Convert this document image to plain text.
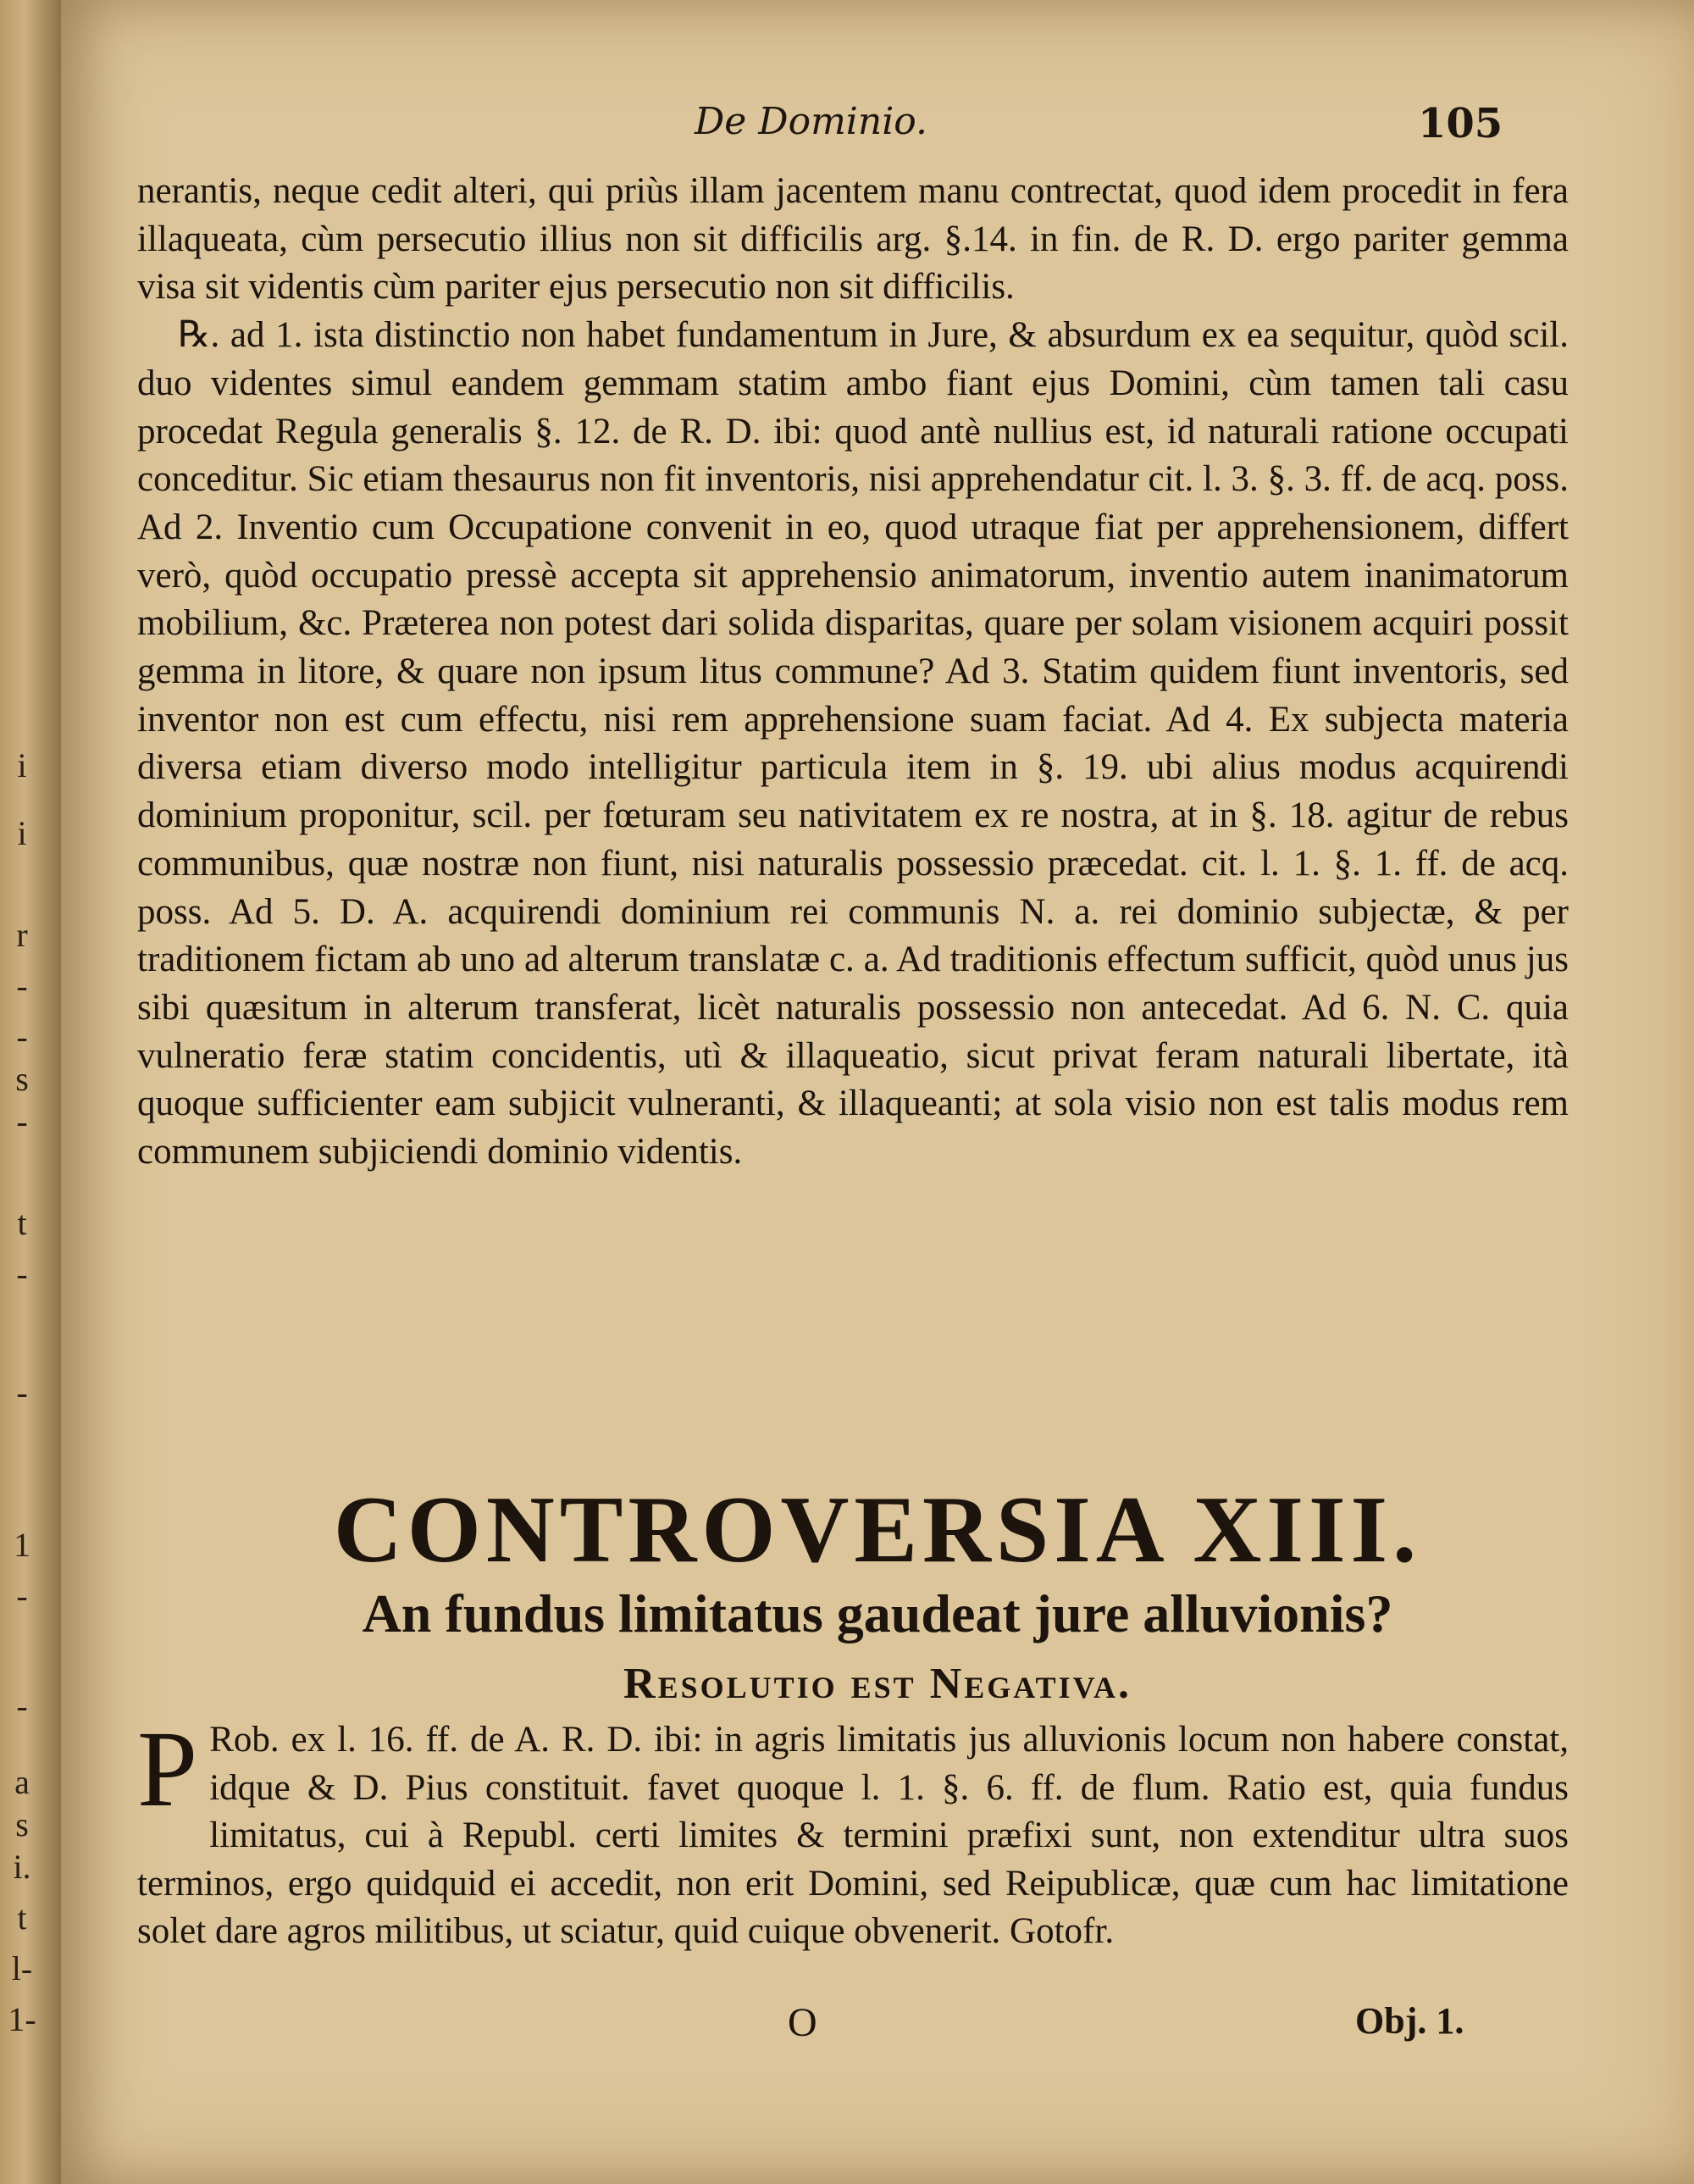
i
i
r
-
-
s
-
t
-
-
1
-
-
a
s
i.
t
l-
1-
De Dominio.	105

nerantis, neque cedit alteri, qui priùs illam jacentem manu contrectat, quod idem procedit in fera illaqueata, cùm persecutio illius non sit difficilis arg. §.14. in fin. de R. D. ergo pariter gemma visa sit videntis cùm pariter ejus persecutio non sit difficilis.

℞. ad 1. ista distinctio non habet fundamentum in Jure, & absurdum ex ea sequitur, quòd scil. duo videntes simul eandem gemmam statim ambo fiant ejus Domini, cùm tamen tali casu procedat Regula generalis §. 12. de R. D. ibi: quod antè nullius est, id naturali ratione occupati conceditur. Sic etiam thesaurus non fit inventoris, nisi apprehendatur cit. l. 3. §. 3. ff. de acq. poss. Ad 2. Inventio cum Occupatione convenit in eo, quod utraque fiat per apprehensionem, differt verò, quòd occupatio pressè accepta sit apprehensio animatorum, inventio autem inanimatorum mobilium, &c. Præterea non potest dari solida disparitas, quare per solam visionem acquiri possit gemma in litore, & quare non ipsum litus commune? Ad 3. Statim quidem fiunt inventoris, sed inventor non est cum effectu, nisi rem apprehensione suam faciat. Ad 4. Ex subjecta materia diversa etiam diverso modo intelligitur particula item in §. 19. ubi alius modus acquirendi dominium proponitur, scil. per fœturam seu nativitatem ex re nostra, at in §. 18. agitur de rebus communibus, quæ nostræ non fiunt, nisi naturalis possessio præcedat. cit. l. 1. §. 1. ff. de acq. poss. Ad 5. D. A. acquirendi dominium rei communis N. a. rei dominio subjectæ, & per traditionem fictam ab uno ad alterum translatæ c. a. Ad traditionis effectum sufficit, quòd unus jus sibi quæsitum in alterum transferat, licèt naturalis possessio non antecedat. Ad 6. N. C. quia vulneratio feræ statim concidentis, utì & illaqueatio, sicut privat feram naturali libertate, ità quoque sufficienter eam subjicit vulneranti, & illaqueanti; at sola visio non est talis modus rem communem subjiciendi dominio videntis.

CONTROVERSIA XIII.
An fundus limitatus gaudeat jure alluvionis?
Resolutio est Negativa.

P Rob. ex l. 16. ff. de A. R. D. ibi: in agris limitatis jus alluvionis locum non habere constat, idque & D. Pius constituit. favet quoque l. 1. §. 6. ff. de flum. Ratio est, quia fundus limitatus, cui à Republ. certi limites & termini præfixi sunt, non extenditur ultra suos terminos, ergo quidquid ei accedit, non erit Domini, sed Reipublicæ, quæ cum hac limitatione solet dare agros militibus, ut sciatur, quid cuique obvenerit. Gotofr.

O	Obj. 1.
